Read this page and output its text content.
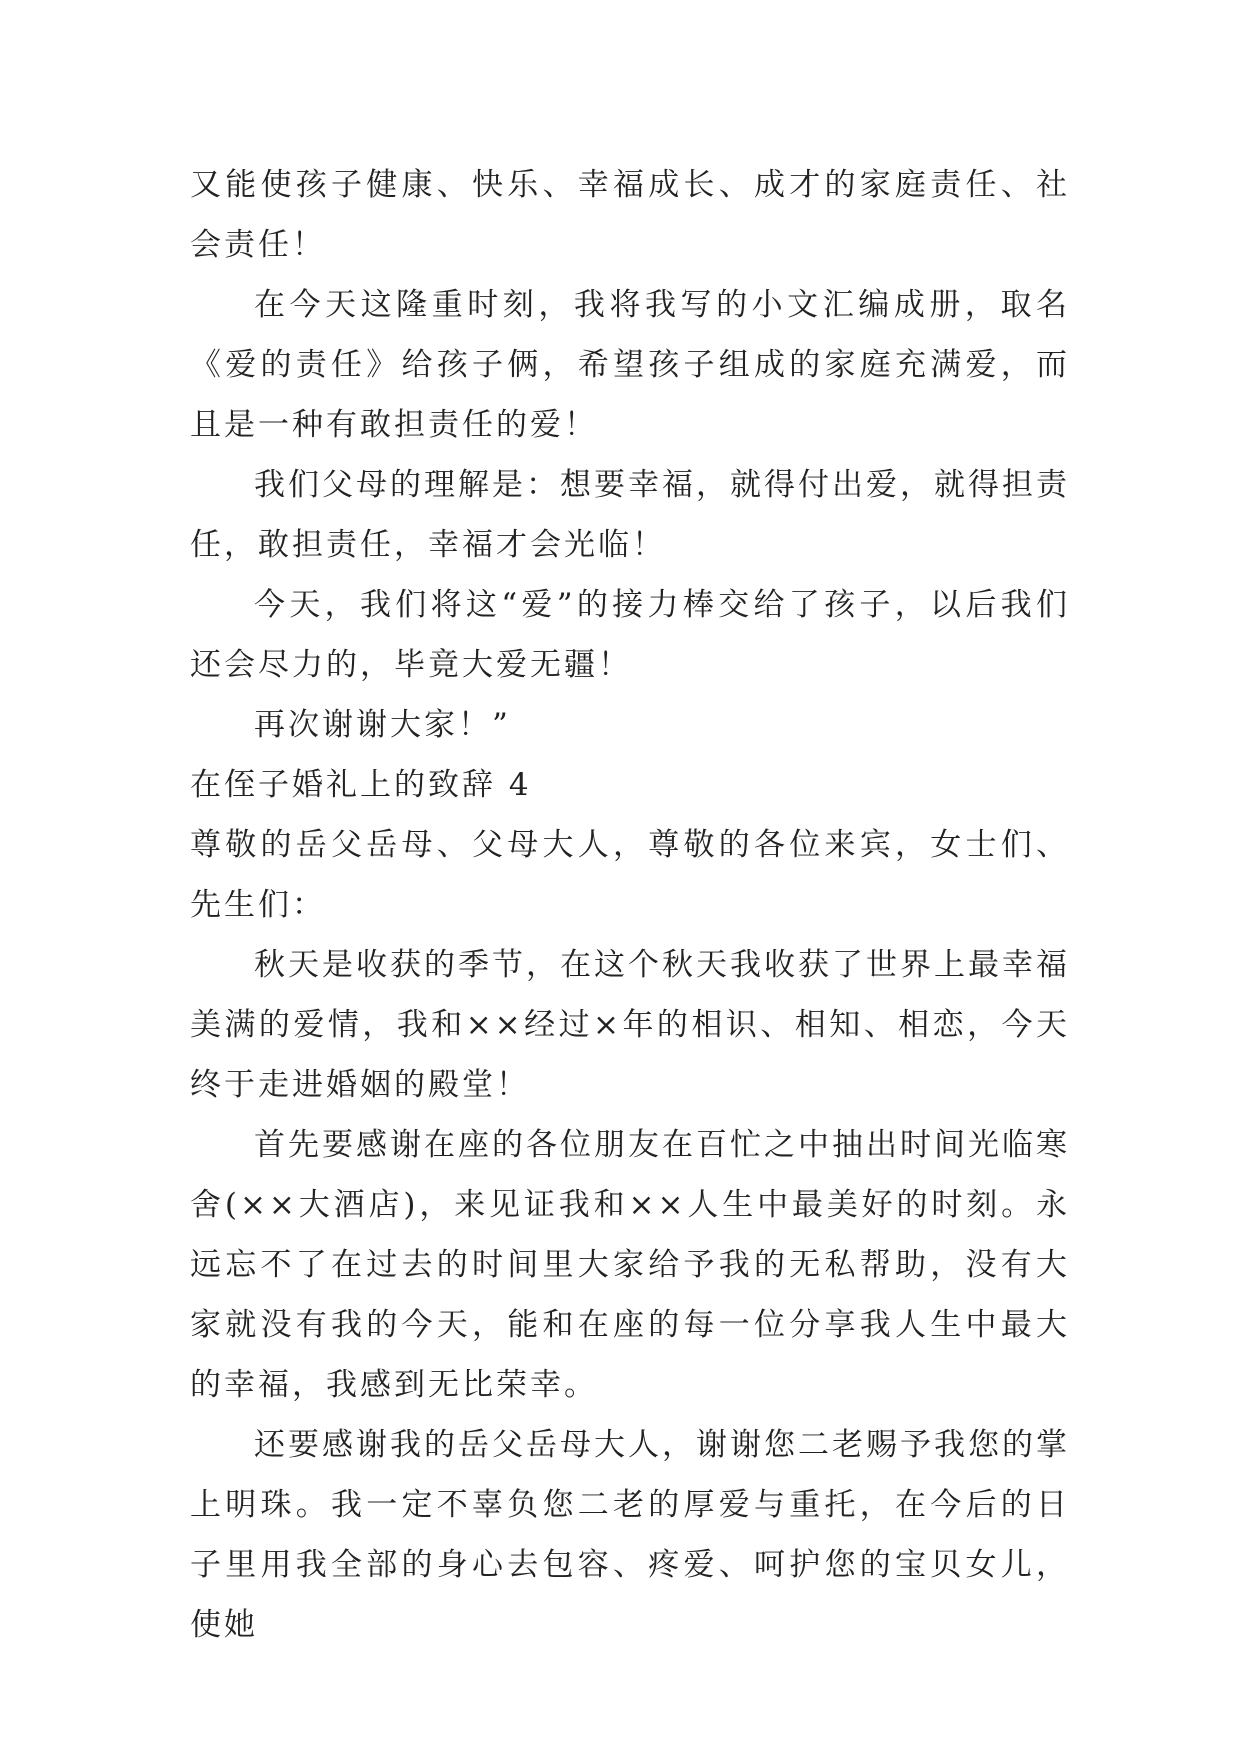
又能使孩子健康、快乐、幸福成长、成才的家庭责任、社会责任！

在今天这隆重时刻，我将我写的小文汇编成册，取名《爱的责任》给孩子俩，希望孩子组成的家庭充满爱，而且是一种有敢担责任的爱！

我们父母的理解是：想要幸福，就得付出爱，就得担责任，敢担责任，幸福才会光临！

今天，我们将这“爱”的接力棒交给了孩子，以后我们还会尽力的，毕竟大爱无疆！

再次谢谢大家！”

在侄子婚礼上的致辞 4

尊敬的岳父岳母、父母大人，尊敬的各位来宾，女士们、先生们：

秋天是收获的季节，在这个秋天我收获了世界上最幸福美满的爱情，我和××经过×年的相识、相知、相恋，今天终于走进婚姻的殿堂！

首先要感谢在座的各位朋友在百忙之中抽出时间光临寒舍(××大酒店)，来见证我和××人生中最美好的时刻。永远忘不了在过去的时间里大家给予我的无私帮助，没有大家就没有我的今天，能和在座的每一位分享我人生中最大的幸福，我感到无比荣幸。

还要感谢我的岳父岳母大人，谢谢您二老赐予我您的掌上明珠。我一定不辜负您二老的厚爱与重托，在今后的日子里用我全部的身心去包容、疼爱、呵护您的宝贝女儿，使她
